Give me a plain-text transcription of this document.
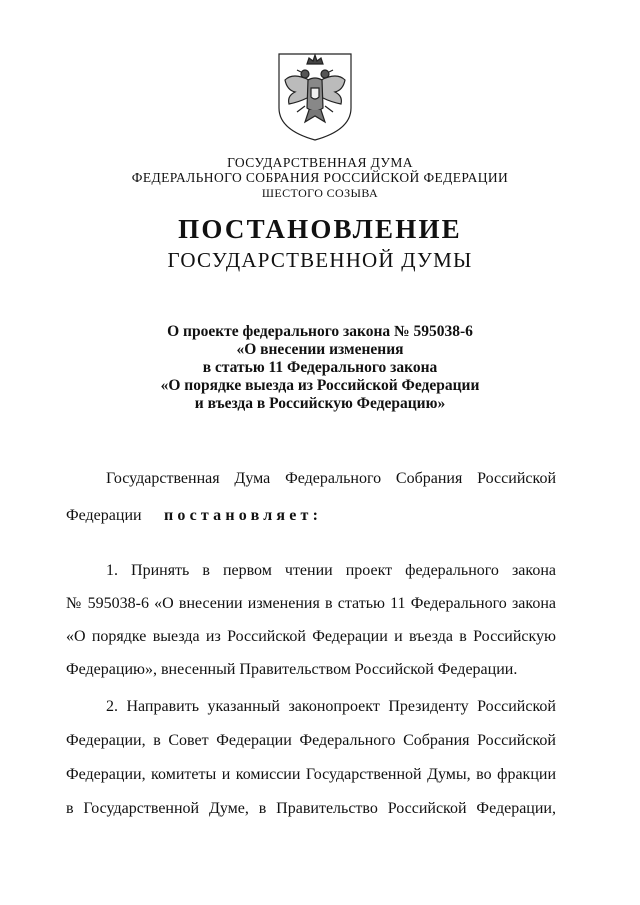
ГОСУДАРСТВЕННАЯ ДУМА
ФЕДЕРАЛЬНОГО СОБРАНИЯ РОССИЙСКОЙ ФЕДЕРАЦИИ
ШЕСТОГО СОЗЫВА
ПОСТАНОВЛЕНИЕ
ГОСУДАРСТВЕННОЙ ДУМЫ
О проекте федерального закона № 595038-6
«О внесении изменения
в статью 11 Федерального закона
«О порядке выезда из Российской Федерации
и въезда в Российскую Федерацию»
Государственная Дума Федерального Собрания Российской
Федерации постановляет:
1. Принять в первом чтении проект федерального закона
№ 595038-6 «О внесении изменения в статью 11 Федерального закона
«О порядке выезда из Российской Федерации и въезда в Российскую
Федерацию», внесенный Правительством Российской Федерации.
2. Направить указанный законопроект Президенту Российской
Федерации, в Совет Федерации Федерального Собрания Российской
Федерации, комитеты и комиссии Государственной Думы, во фракции
в Государственной Думе, в Правительство Российской Федерации,
